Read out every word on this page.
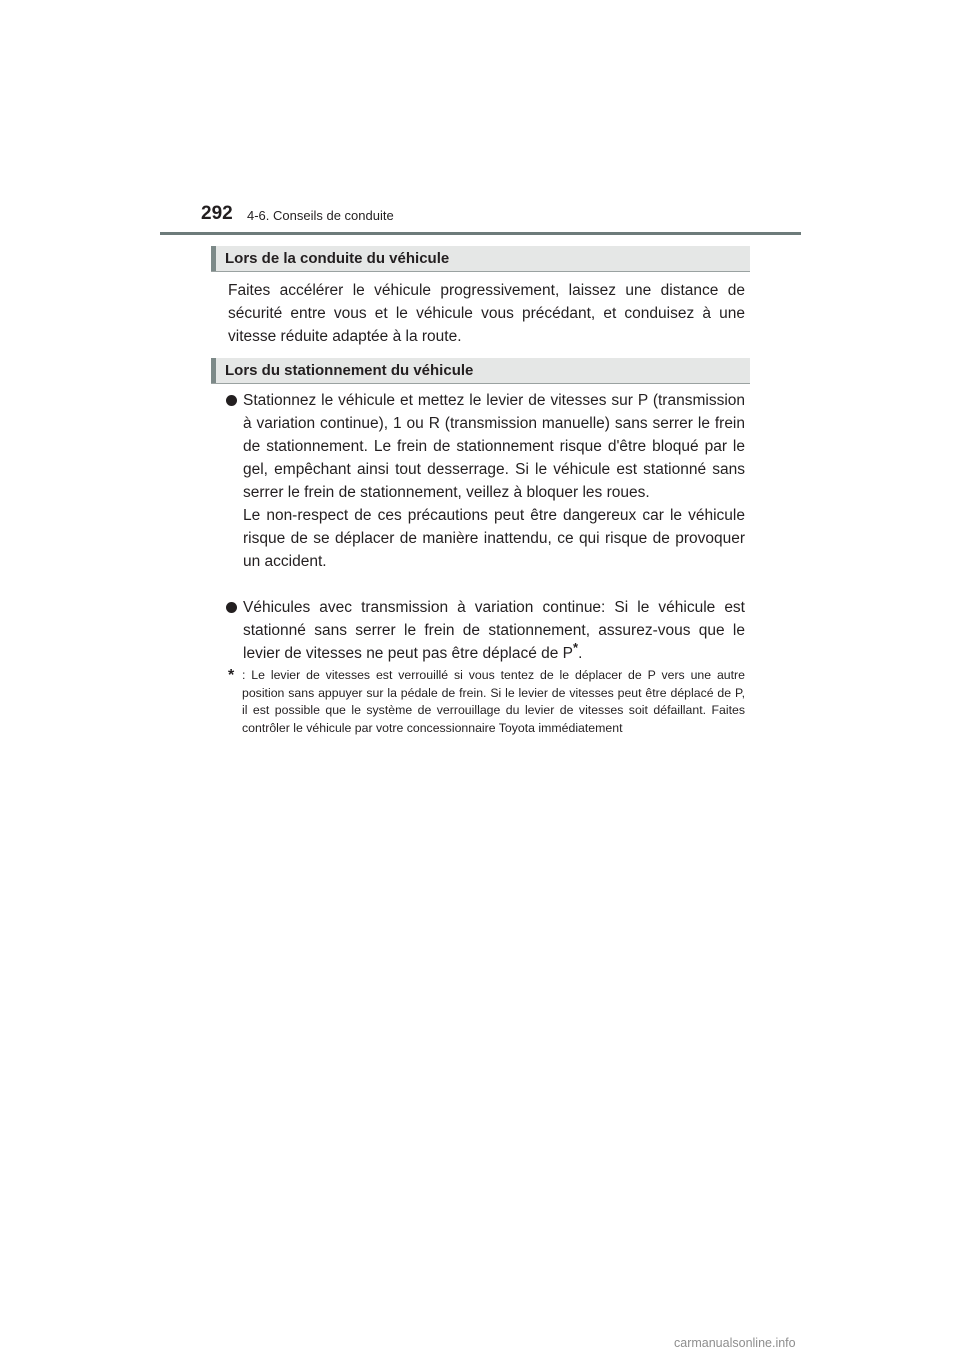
292 4-6. Conseils de conduite
Lors de la conduite du véhicule

Faites accélérer le véhicule progressivement, laissez une distance de sécurité entre vous et le véhicule vous précédant, et conduisez à une vitesse réduite adaptée à la route.

Lors du stationnement du véhicule

Stationnez le véhicule et mettez le levier de vitesses sur P (transmission à variation continue), 1 ou R (transmission manuelle) sans serrer le frein de stationnement. Le frein de stationnement risque d'être bloqué par le gel, empêchant ainsi tout desserrage. Si le véhicule est stationné sans serrer le frein de stationnement, veillez à bloquer les roues.

Le non-respect de ces précautions peut être dangereux car le véhicule risque de se déplacer de manière inattendu, ce qui risque de provoquer un accident.

Véhicules avec transmission à variation continue: Si le véhicule est stationné sans serrer le frein de stationnement, assurez-vous que le levier de vitesses ne peut pas être déplacé de P*.
* : Le levier de vitesses est verrouillé si vous tentez de le déplacer de P vers une autre position sans appuyer sur la pédale de frein. Si le levier de vitesses peut être déplacé de P, il est possible que le système de verrouillage du levier de vitesses soit défaillant. Faites contrôler le véhicule par votre concessionnaire Toyota immédiatement
carmanualsonline.info
